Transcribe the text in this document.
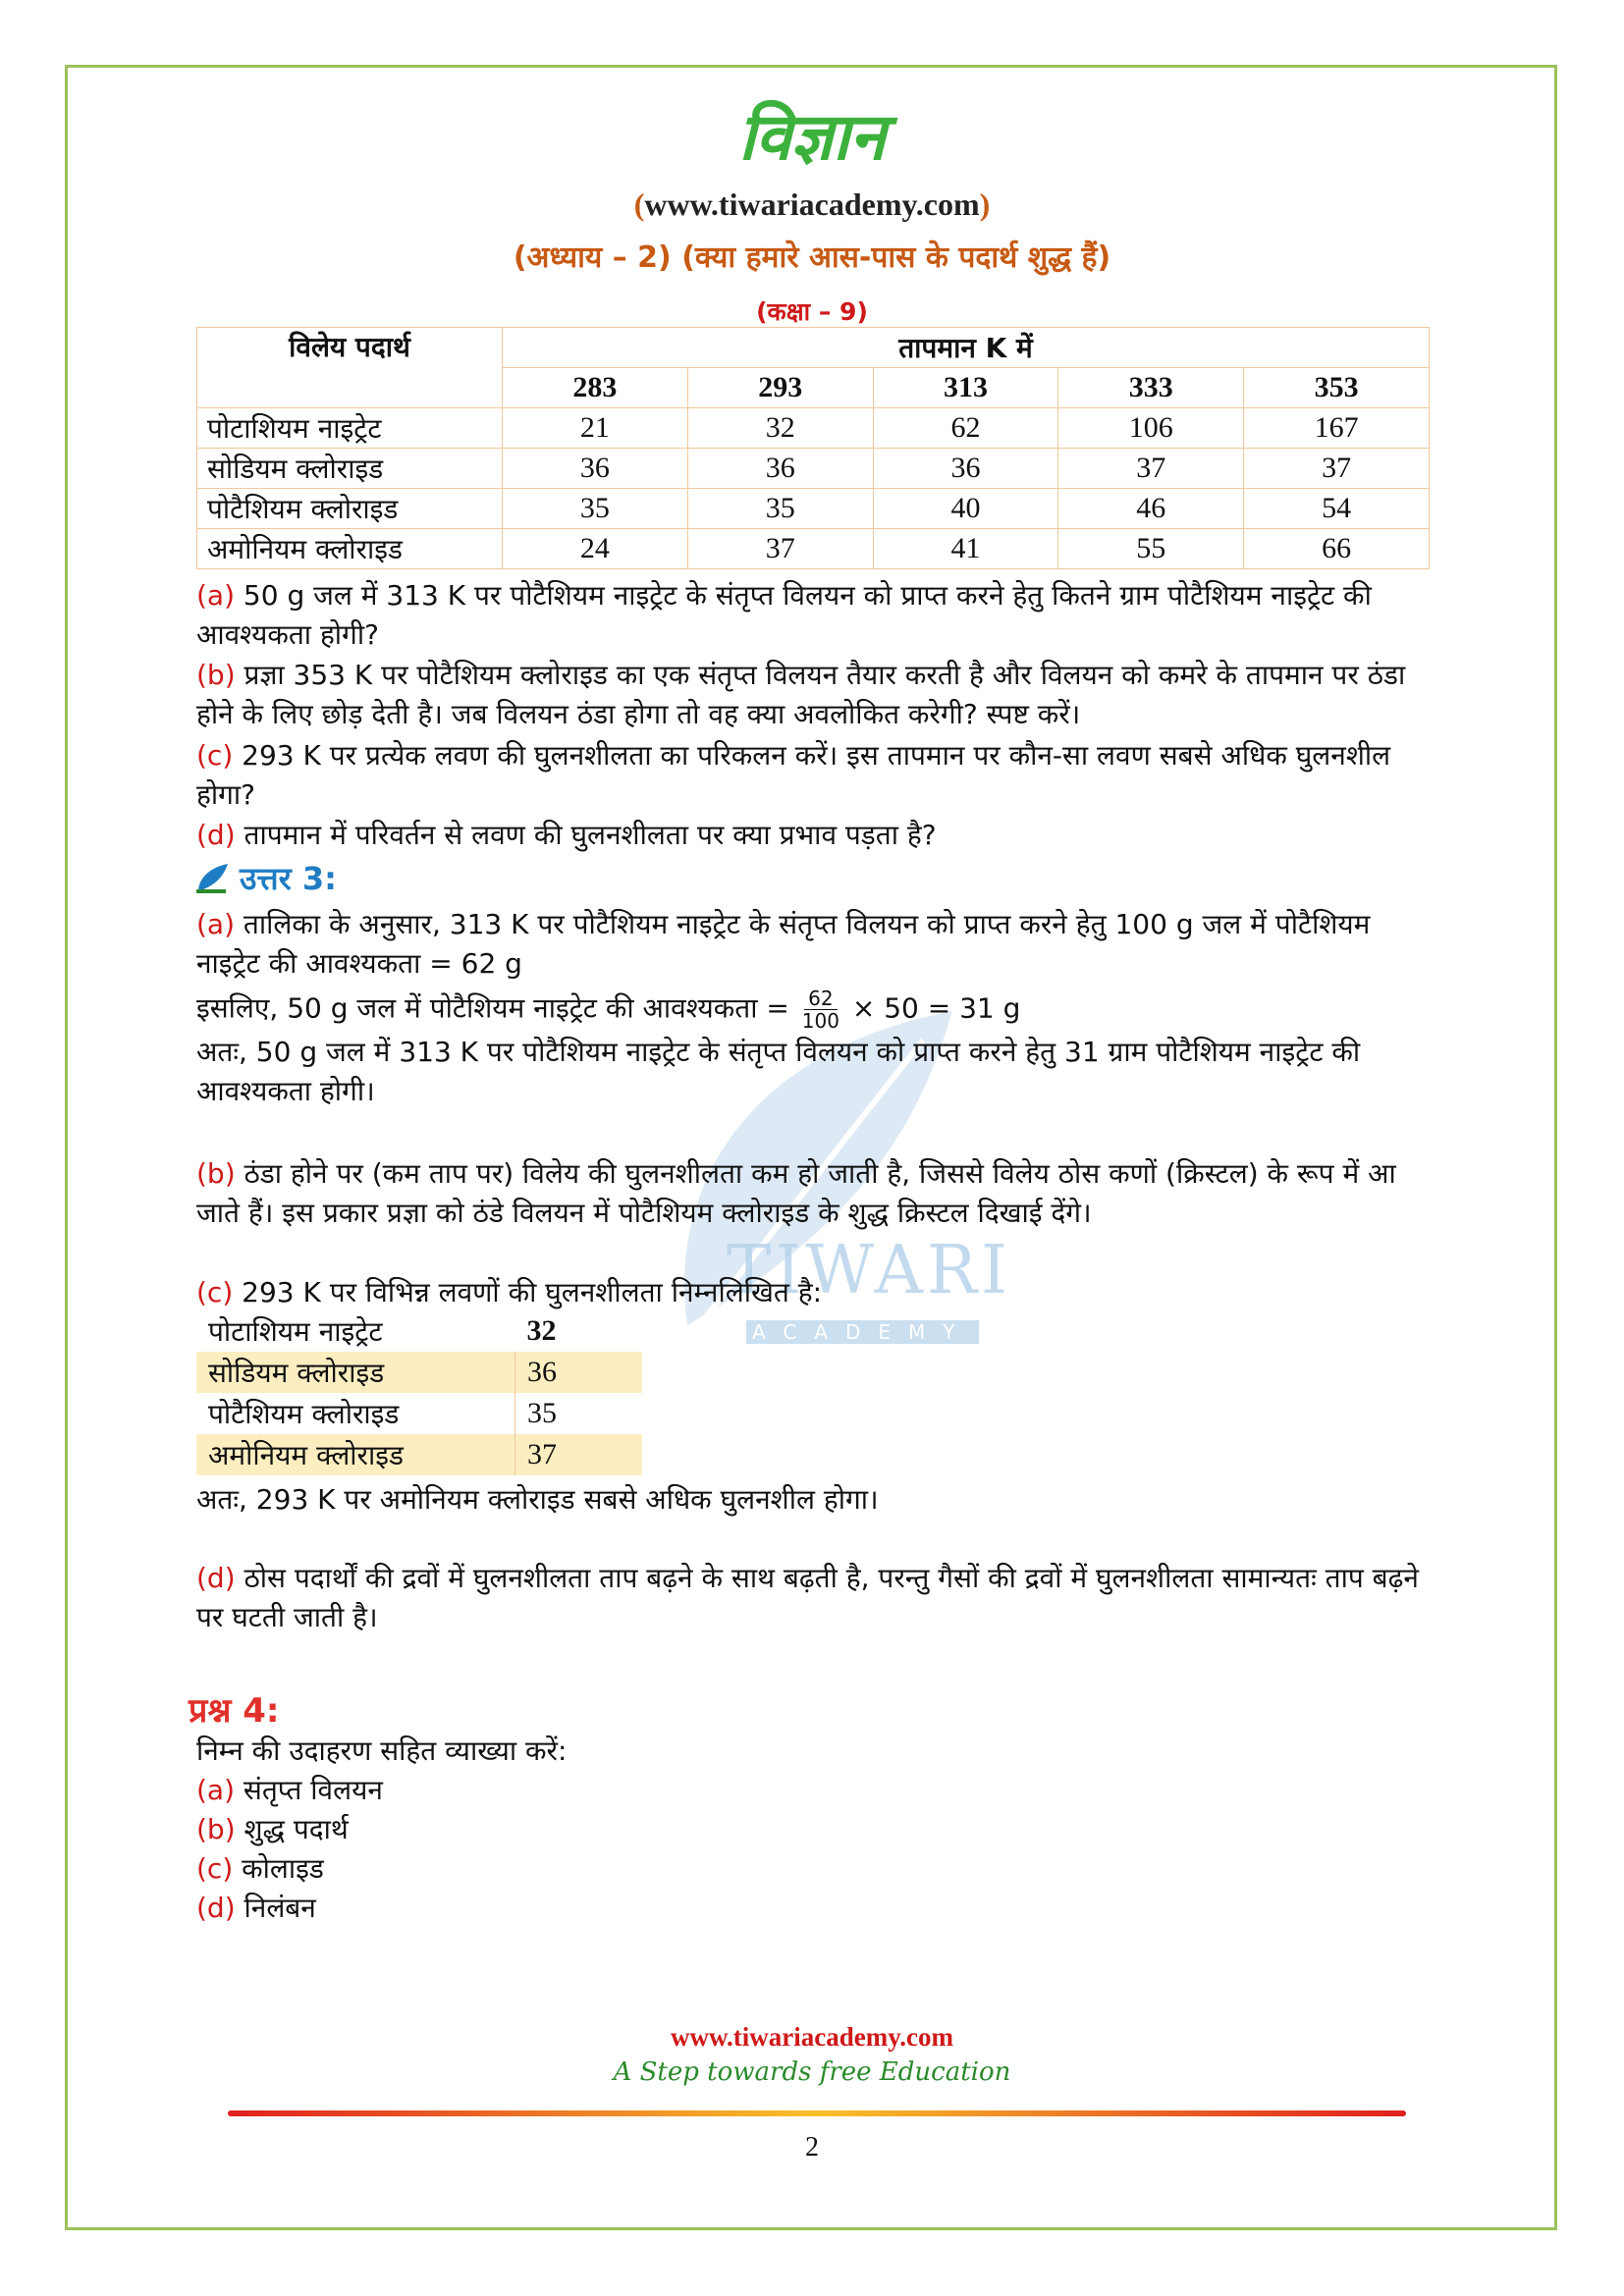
TIWARI
ACADEMY
विज्ञान
(www.tiwariacademy.com)
(अध्याय – 2) (क्या हमारे आस-पास के पदार्थ शुद्ध हैं)
(कक्षा – 9)
विलेय पदार्थ	तापमान K में				
	283	293	313	333	353
पोटाशियम नाइट्रेट	21	32	62	106	167
सोडियम क्लोराइड	36	36	36	37	37
पोटैशियम क्लोराइड	35	35	40	46	54
अमोनियम क्लोराइड	24	37	41	55	66
(a) 50 g जल में 313 K पर पोटैशियम नाइट्रेट के संतृप्त विलयन को प्राप्त करने हेतु कितने ग्राम पोटैशियम नाइट्रेट की आवश्यकता होगी?
(b) प्रज्ञा 353 K पर पोटैशियम क्लोराइड का एक संतृप्त विलयन तैयार करती है और विलयन को कमरे के तापमान पर ठंडा होने के लिए छोड़ देती है। जब विलयन ठंडा होगा तो वह क्या अवलोकित करेगी? स्पष्ट करें।
(c) 293 K पर प्रत्येक लवण की घुलनशीलता का परिकलन करें। इस तापमान पर कौन-सा लवण सबसे अधिक घुलनशील होगा?
(d) तापमान में परिवर्तन से लवण की घुलनशीलता पर क्या प्रभाव पड़ता है?
उत्तर 3:
(a) तालिका के अनुसार, 313 K पर पोटैशियम नाइट्रेट के संतृप्त विलयन को प्राप्त करने हेतु 100 g जल में पोटैशियम नाइट्रेट की आवश्यकता = 62 g
इसलिए, 50 g जल में पोटैशियम नाइट्रेट की आवश्यकता = $\frac{62}{100} \times 50 = 31$ g
अतः, 50 g जल में 313 K पर पोटैशियम नाइट्रेट के संतृप्त विलयन को प्राप्त करने हेतु 31 ग्राम पोटैशियम नाइट्रेट की आवश्यकता होगी।
(b) ठंडा होने पर (कम ताप पर) विलेय की घुलनशीलता कम हो जाती है, जिससे विलेय ठोस कणों (क्रिस्टल) के रूप में आ जाते हैं। इस प्रकार प्रज्ञा को ठंडे विलयन में पोटैशियम क्लोराइड के शुद्ध क्रिस्टल दिखाई देंगे।
(c) 293 K पर विभिन्न लवणों की घुलनशीलता निम्नलिखित है:
पोटाशियम नाइट्रेट	32
सोडियम क्लोराइड	36
पोटैशियम क्लोराइड	35
अमोनियम क्लोराइड	37
अतः, 293 K पर अमोनियम क्लोराइड सबसे अधिक घुलनशील होगा।
(d) ठोस पदार्थों की द्रवों में घुलनशीलता ताप बढ़ने के साथ बढ़ती है, परन्तु गैसों की द्रवों में घुलनशीलता सामान्यतः ताप बढ़ने पर घटती जाती है।
प्रश्न 4:
निम्न की उदाहरण सहित व्याख्या करें:
(a) संतृप्त विलयन
(b) शुद्ध पदार्थ
(c) कोलाइड
(d) निलंबन
www.tiwariacademy.com
A Step towards free Education
2
